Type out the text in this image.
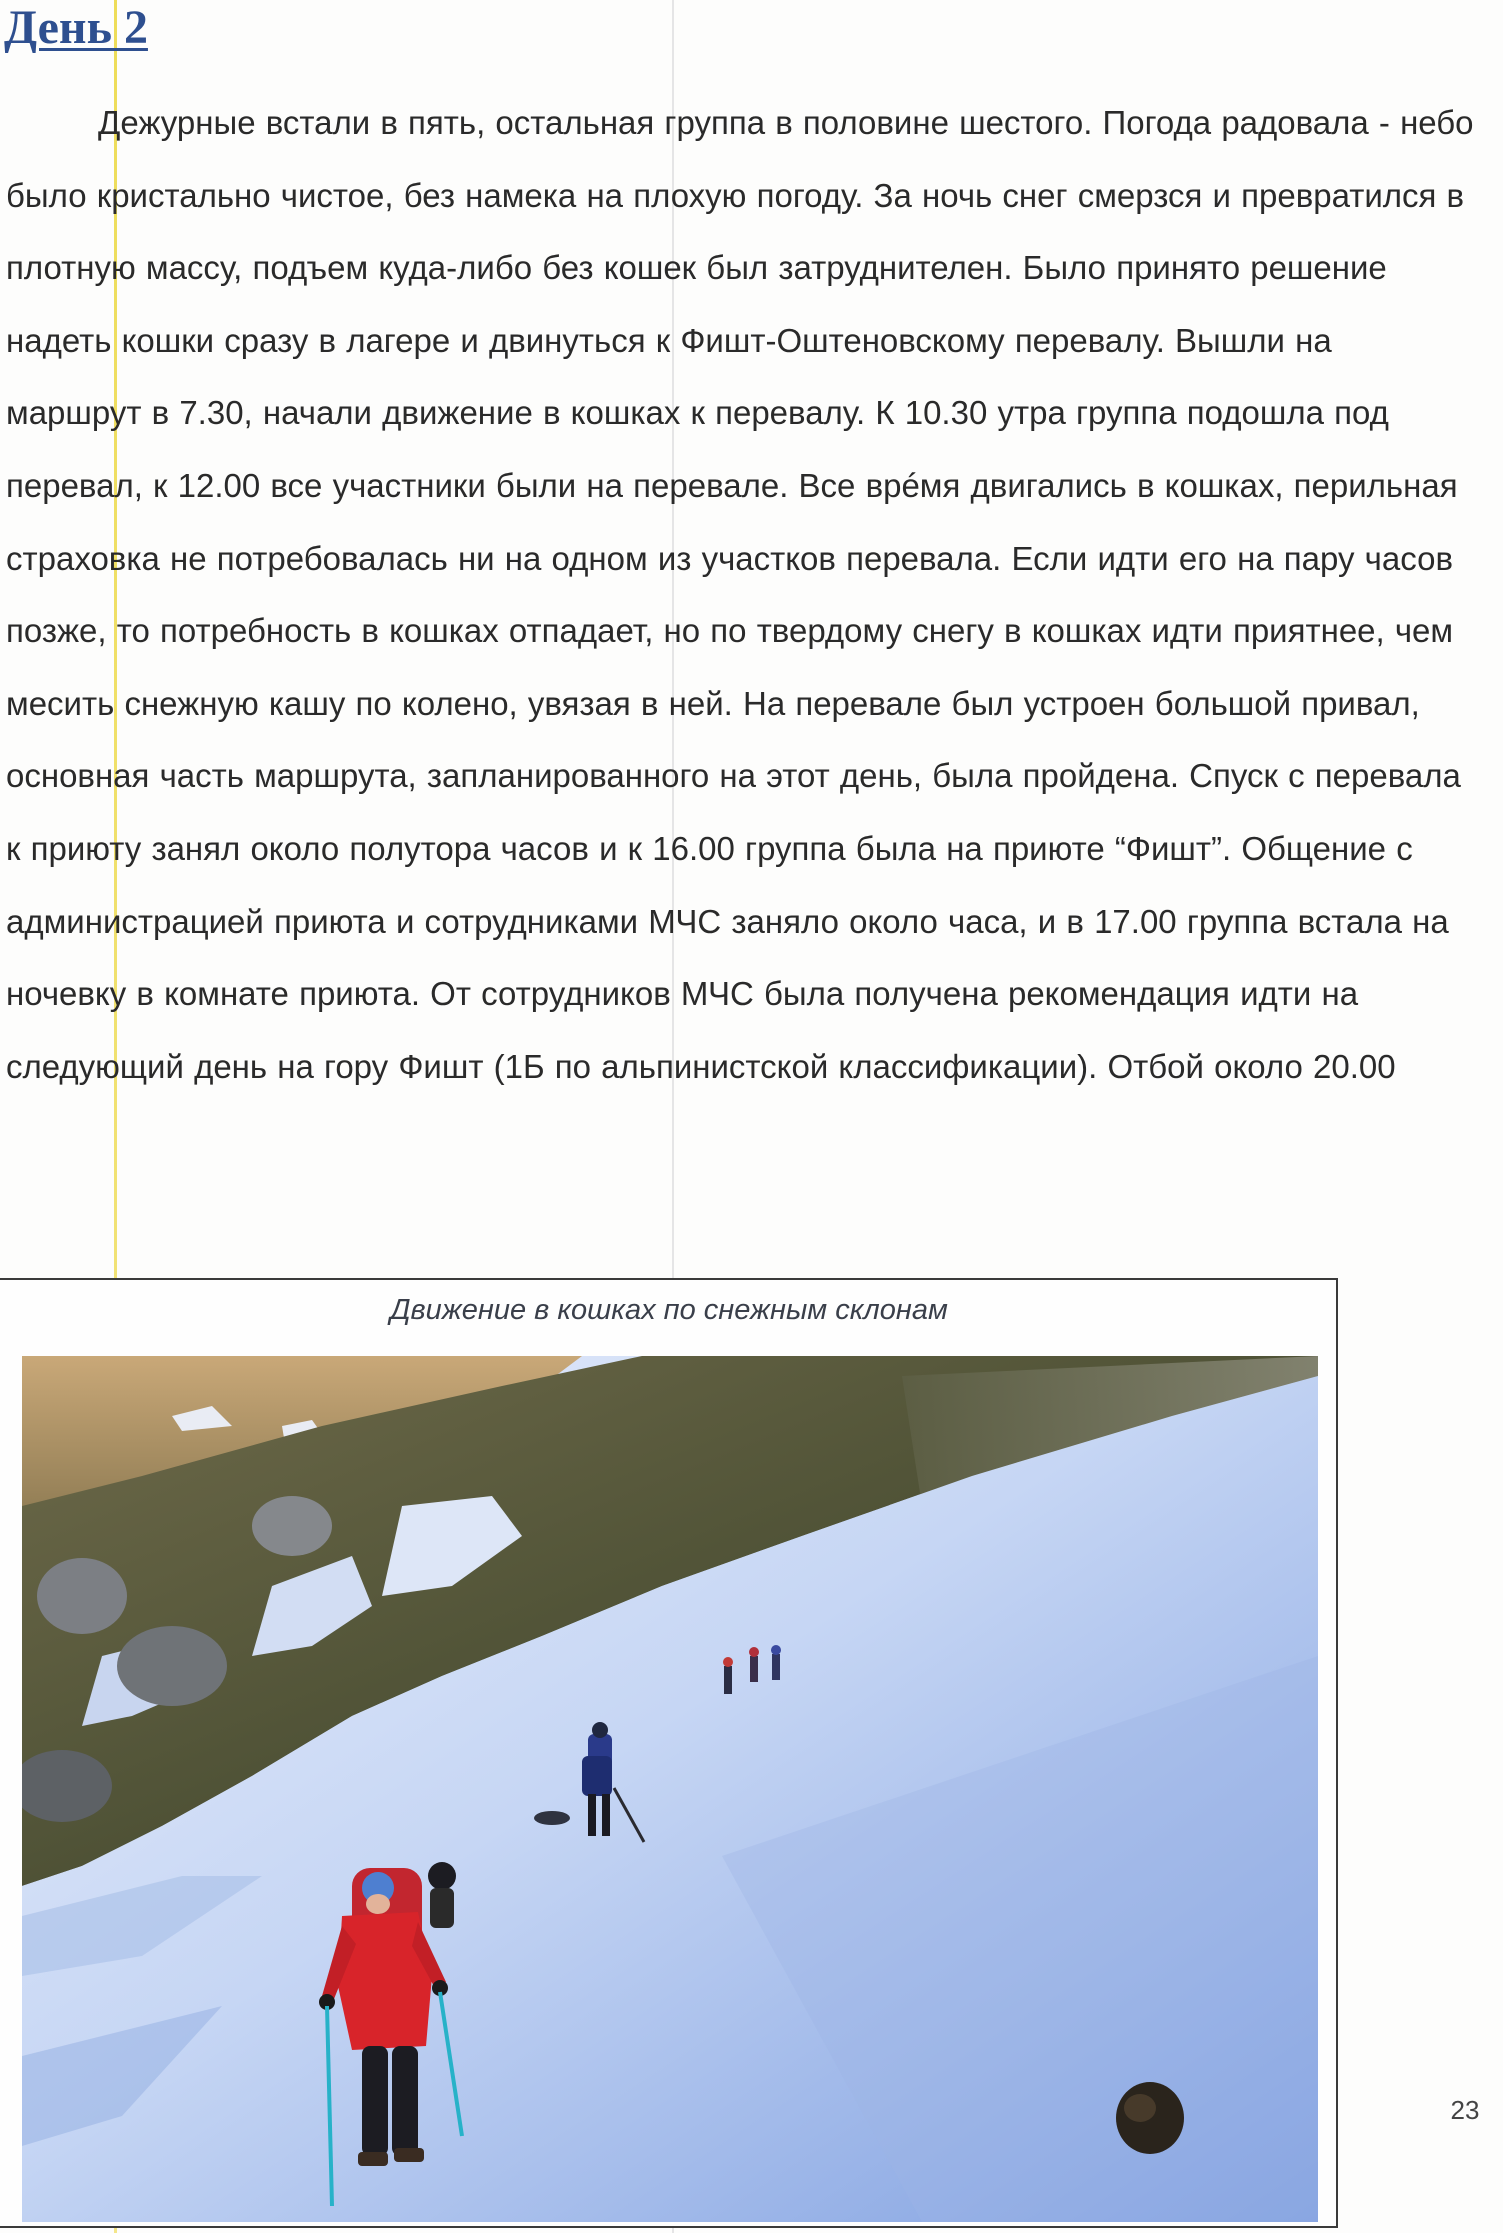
День 2

Дежурные встали в пять, остальная группа в половине шестого. Погода радовала - небо было кристально чистое, без намека на плохую погоду. За ночь снег смерзся и превратился в плотную массу, подъем куда-либо без кошек был затруднителен. Было принято решение надеть кошки сразу в лагере и двинуться к Фишт-Оштеновскому перевалу. Вышли на маршрут в 7.30, начали движение в кошках к перевалу. К 10.30 утра группа подошла под перевал, к 12.00 все участники были на перевале. Все врéмя двигались в кошках, перильная страховка не потребовалась ни на одном из участков перевала. Если идти его на пару часов позже, то потребность в кошках отпадает, но по твердому снегу в кошках идти приятнее, чем месить снежную кашу по колено, увязая в ней. На перевале был устроен большой привал, основная часть маршрута, запланированного на этот день, была пройдена. Спуск с перевала к приюту занял около полутора часов и к 16.00 группа была на приюте “Фишт”. Общение с администрацией приюта и сотрудниками МЧС заняло около часа, и в 17.00 группа встала на ночевку в комнате приюта. От сотрудников МЧС была получена рекомендация идти на следующий день на гору Фишт (1Б по альпинистской классификации). Отбой около 20.00

Движение в кошках по снежным склонам

23
